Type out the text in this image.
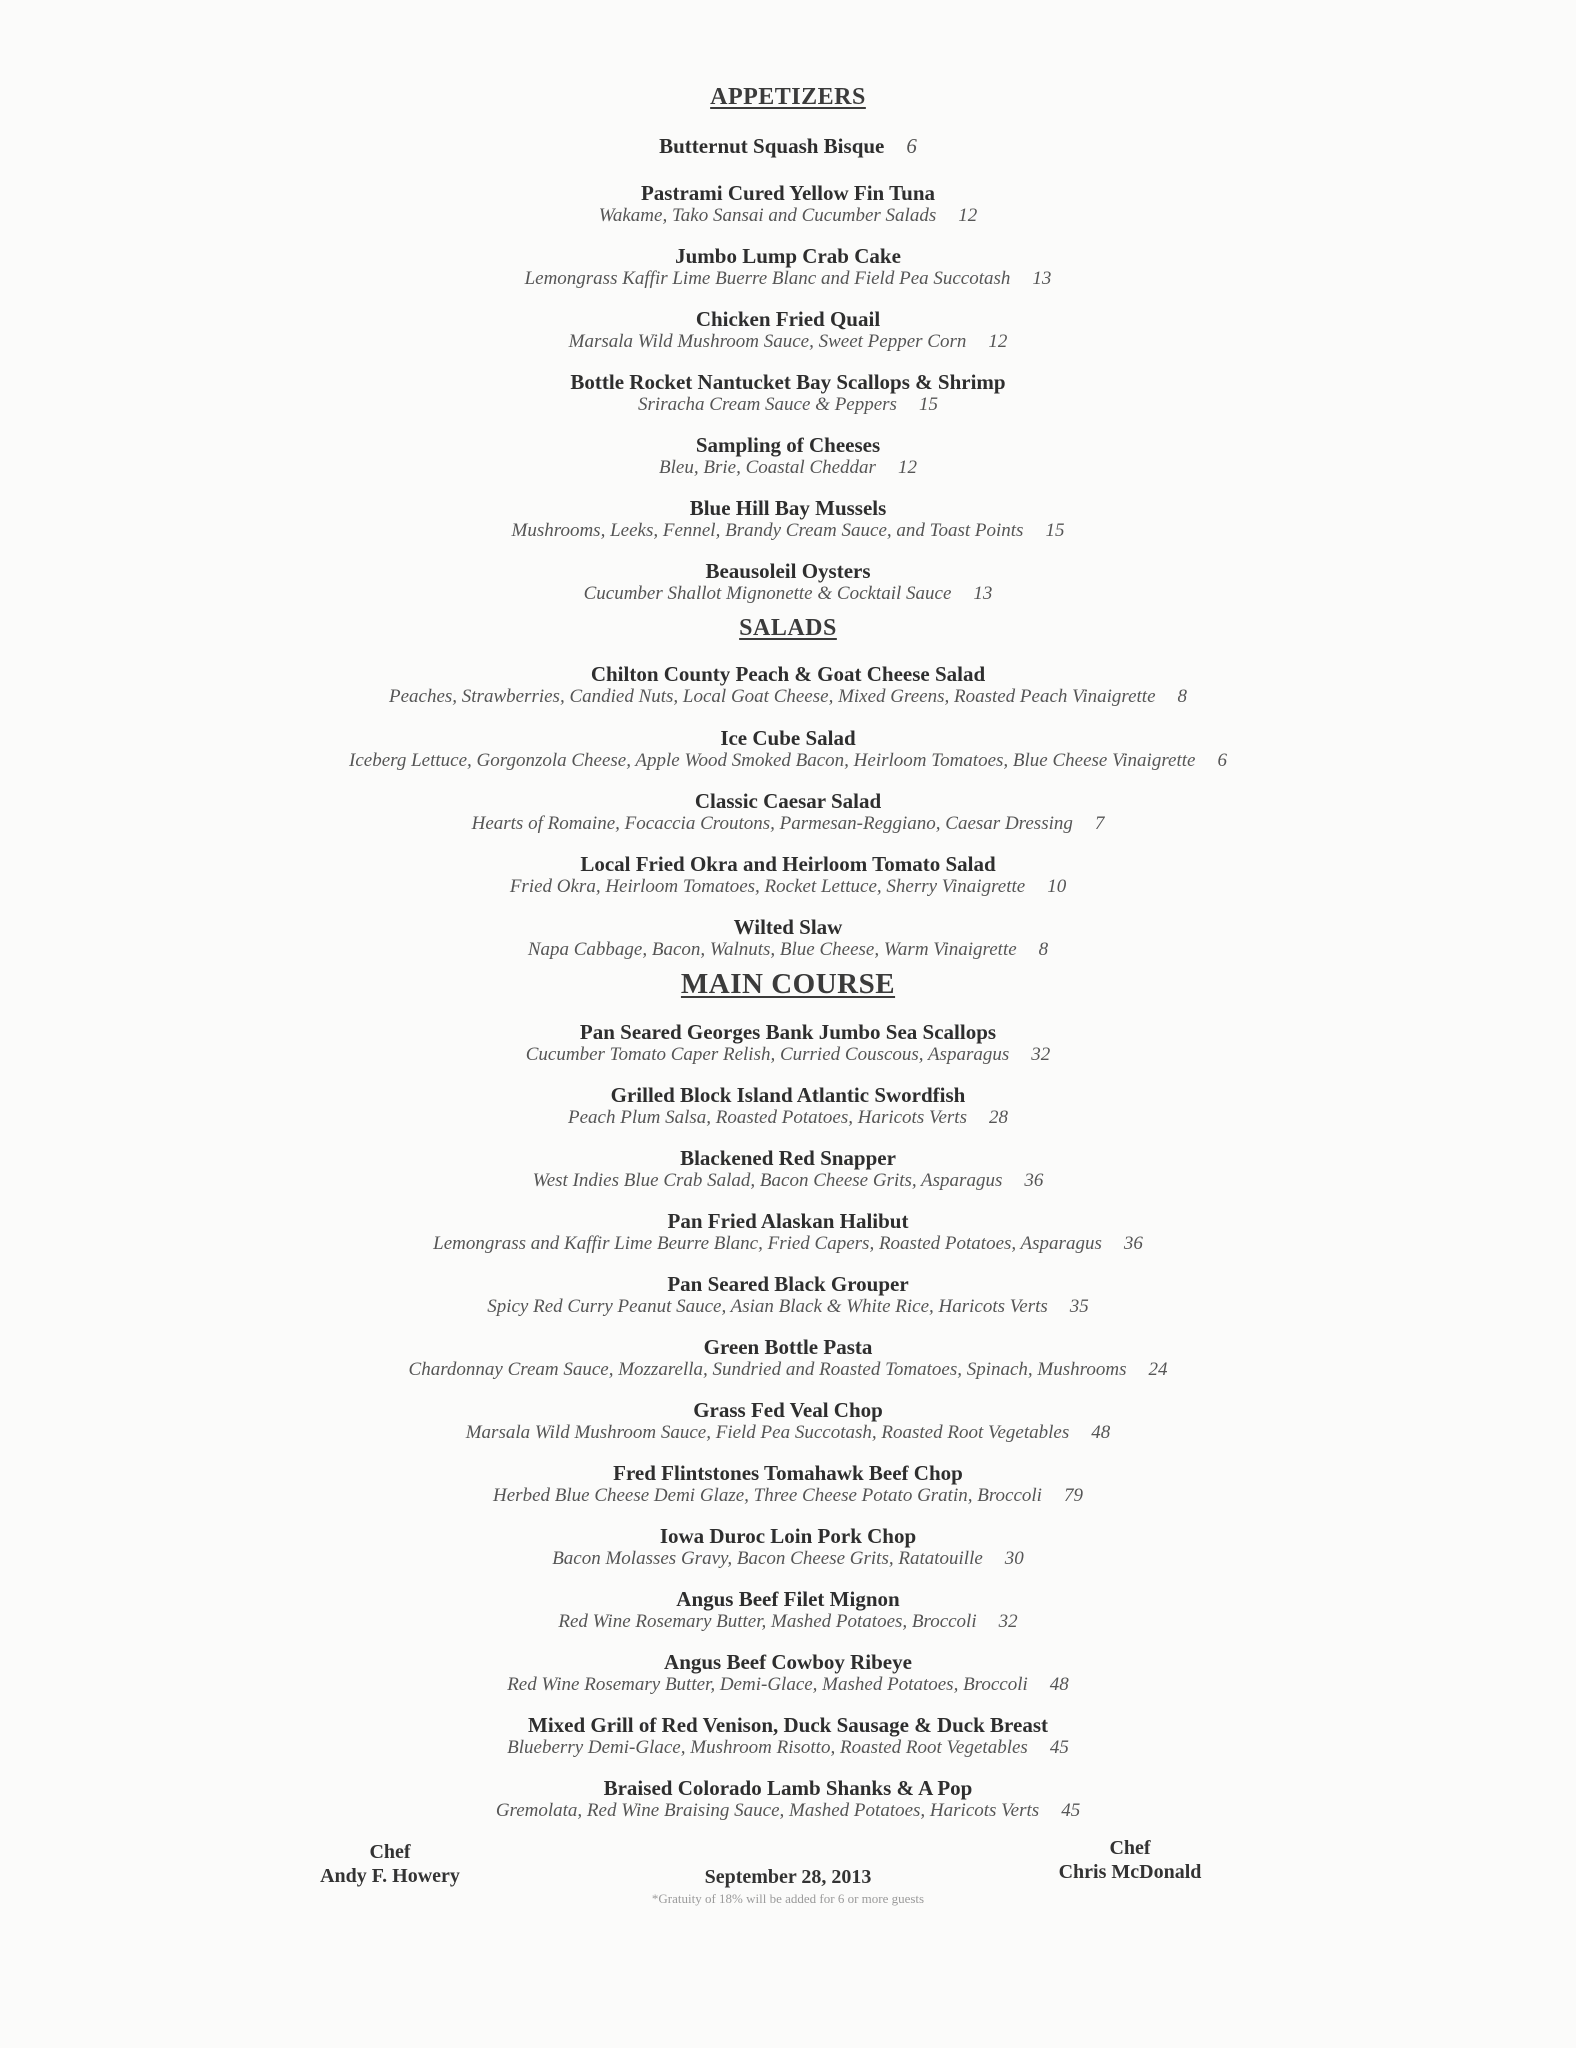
APPETIZERS
Butternut Squash Bisque 6
Pastrami Cured Yellow Fin Tuna
Wakame, Tako Sansai and Cucumber Salads 12
Jumbo Lump Crab Cake
Lemongrass Kaffir Lime Buerre Blanc and Field Pea Succotash 13
Chicken Fried Quail
Marsala Wild Mushroom Sauce, Sweet Pepper Corn 12
Bottle Rocket Nantucket Bay Scallops & Shrimp
Sriracha Cream Sauce & Peppers 15
Sampling of Cheeses
Bleu, Brie, Coastal Cheddar 12
Blue Hill Bay Mussels
Mushrooms, Leeks, Fennel, Brandy Cream Sauce, and Toast Points 15
Beausoleil Oysters
Cucumber Shallot Mignonette & Cocktail Sauce 13
SALADS
Chilton County Peach & Goat Cheese Salad
Peaches, Strawberries, Candied Nuts, Local Goat Cheese, Mixed Greens, Roasted Peach Vinaigrette 8
Ice Cube Salad
Iceberg Lettuce, Gorgonzola Cheese, Apple Wood Smoked Bacon, Heirloom Tomatoes, Blue Cheese Vinaigrette 6
Classic Caesar Salad
Hearts of Romaine, Focaccia Croutons, Parmesan-Reggiano, Caesar Dressing 7
Local Fried Okra and Heirloom Tomato Salad
Fried Okra, Heirloom Tomatoes, Rocket Lettuce, Sherry Vinaigrette 10
Wilted Slaw
Napa Cabbage, Bacon, Walnuts, Blue Cheese, Warm Vinaigrette 8
MAIN COURSE
Pan Seared Georges Bank Jumbo Sea Scallops
Cucumber Tomato Caper Relish, Curried Couscous, Asparagus 32
Grilled Block Island Atlantic Swordfish
Peach Plum Salsa, Roasted Potatoes, Haricots Verts 28
Blackened Red Snapper
West Indies Blue Crab Salad, Bacon Cheese Grits, Asparagus 36
Pan Fried Alaskan Halibut
Lemongrass and Kaffir Lime Beurre Blanc, Fried Capers, Roasted Potatoes, Asparagus 36
Pan Seared Black Grouper
Spicy Red Curry Peanut Sauce, Asian Black & White Rice, Haricots Verts 35
Green Bottle Pasta
Chardonnay Cream Sauce, Mozzarella, Sundried and Roasted Tomatoes, Spinach, Mushrooms 24
Grass Fed Veal Chop
Marsala Wild Mushroom Sauce, Field Pea Succotash, Roasted Root Vegetables 48
Fred Flintstones Tomahawk Beef Chop
Herbed Blue Cheese Demi Glaze, Three Cheese Potato Gratin, Broccoli 79
Iowa Duroc Loin Pork Chop
Bacon Molasses Gravy, Bacon Cheese Grits, Ratatouille 30
Angus Beef Filet Mignon
Red Wine Rosemary Butter, Mashed Potatoes, Broccoli 32
Angus Beef Cowboy Ribeye
Red Wine Rosemary Butter, Demi-Glace, Mashed Potatoes, Broccoli 48
Mixed Grill of Red Venison, Duck Sausage & Duck Breast
Blueberry Demi-Glace, Mushroom Risotto, Roasted Root Vegetables 45
Braised Colorado Lamb Shanks & A Pop
Gremolata, Red Wine Braising Sauce, Mashed Potatoes, Haricots Verts 45
Chef
Andy F. Howery
Chef
Chris McDonald
September 28, 2013
*Gratuity of 18% will be added for 6 or more guests
